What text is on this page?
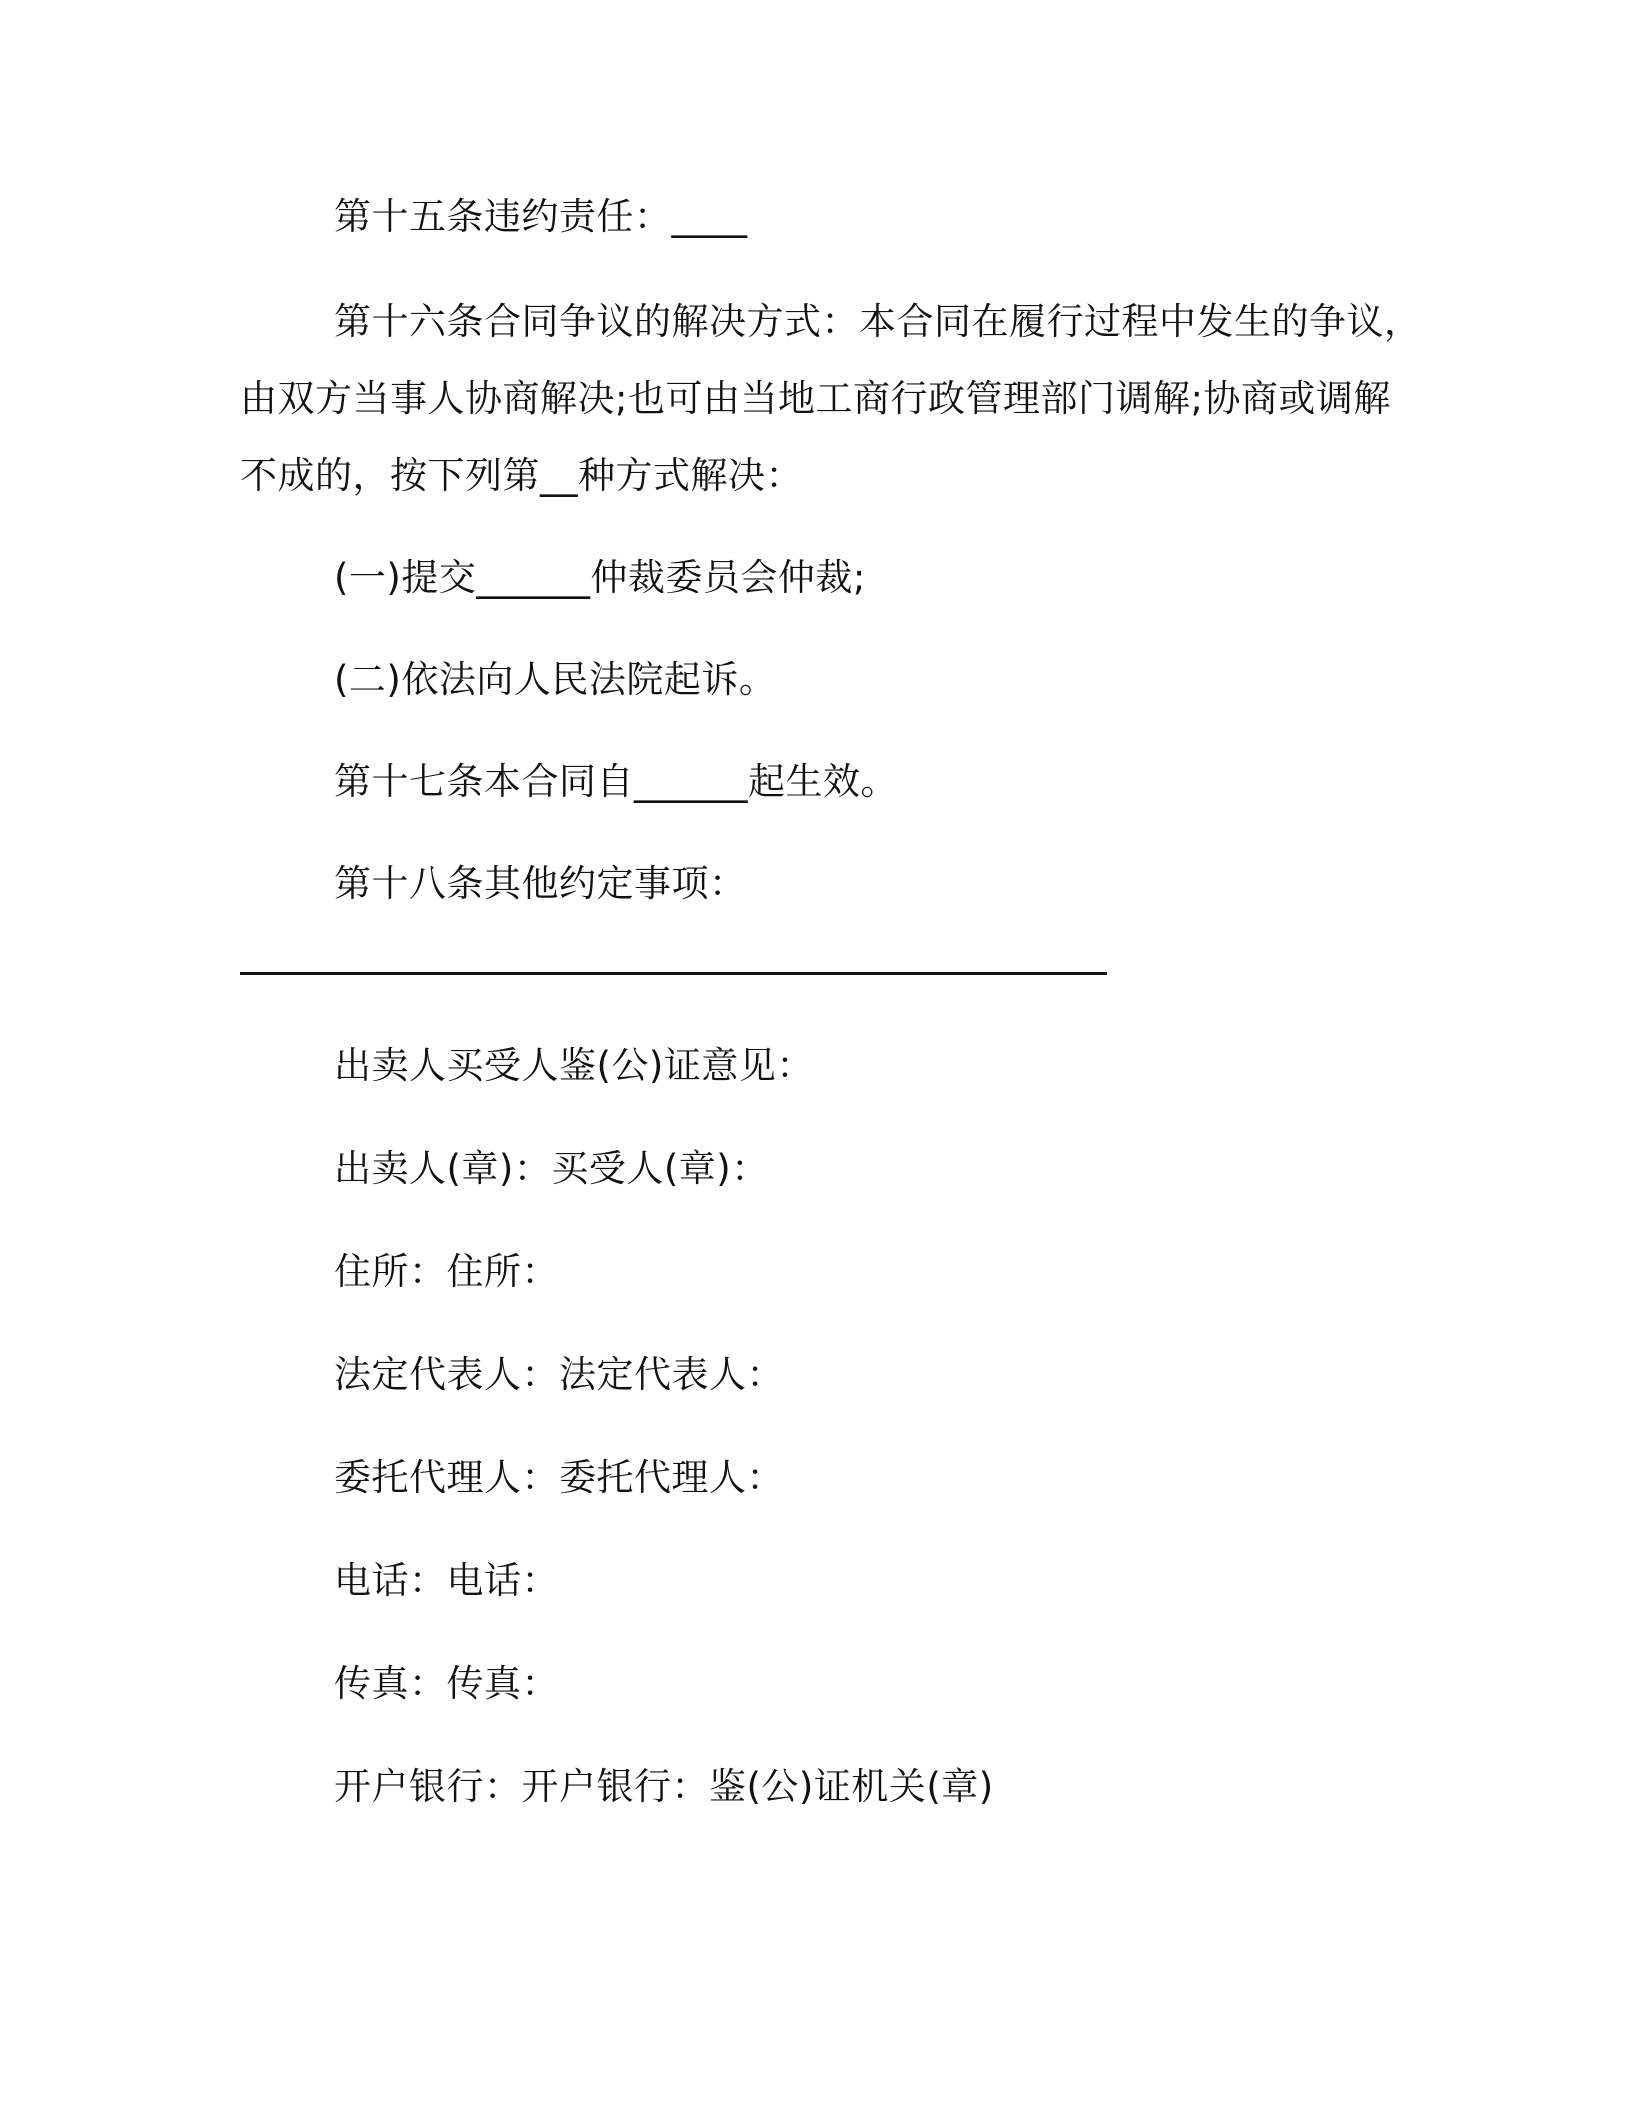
第十五条违约责任：____
第十六条合同争议的解决方式：本合同在履行过程中发生的争议，
由双方当事人协商解决;也可由当地工商行政管理部门调解;协商或调解
不成的，按下列第__种方式解决：
(一)提交______仲裁委员会仲裁;
(二)依法向人民法院起诉。
第十七条本合同自______起生效。
第十八条其他约定事项：
出卖人买受人鉴(公)证意见：
出卖人(章)：买受人(章)：
住所：住所：
法定代表人：法定代表人：
委托代理人：委托代理人：
电话：电话：
传真：传真：
开户银行：开户银行：鉴(公)证机关(章)
